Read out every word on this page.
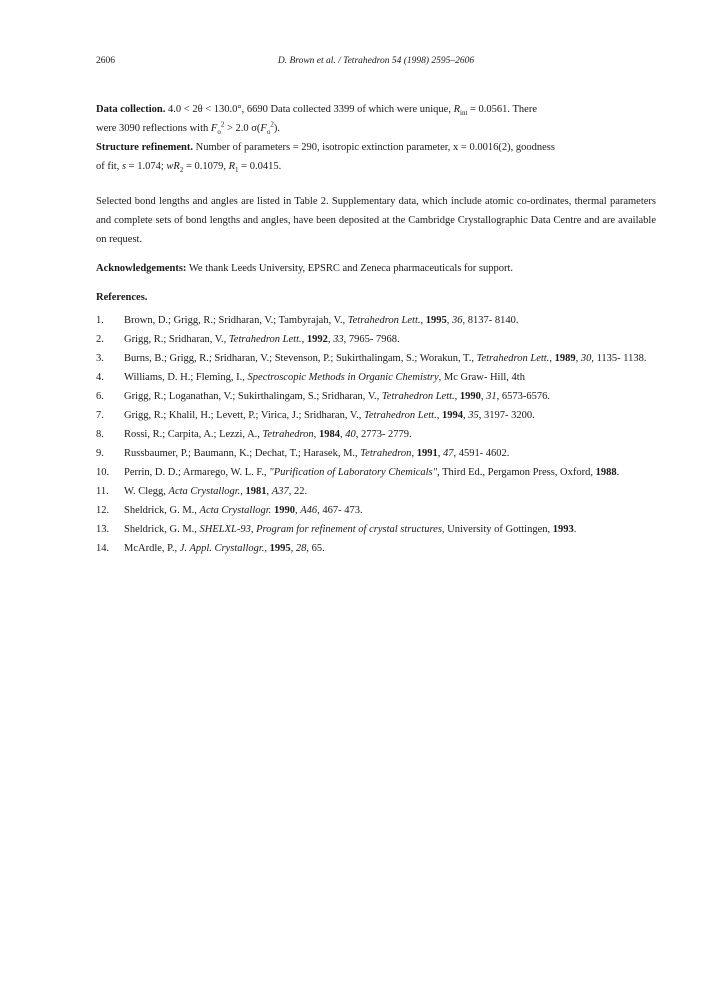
2606	D. Brown et al. / Tetrahedron 54 (1998) 2595–2606

Data collection. 4.0 < 2θ < 130.0°, 6690 Data collected 3399 of which were unique, $R_{int} = 0.0561$. There
were 3090 reflections with $F_o^2 > 2.0$ $\sigma(F_o^2)$.

Structure refinement. Number of parameters = 290, isotropic extinction parameter, x = 0.0016(2), goodness
of fit, s = 1.074; $wR_2 = 0.1079$, $R_1 = 0.0415$.

Selected bond lengths and angles are listed in Table 2. Supplementary data, which include atomic co-ordinates, thermal parameters and complete sets of bond lengths and angles, have been deposited at the Cambridge Crystallographic Data Centre and are available on request.

Acknowledgements: We thank Leeds University, EPSRC and Zeneca pharmaceuticals for support.

References.

1.	Brown, D.; Grigg, R.; Sridharan, V.; Tambyrajah, V., Tetrahedron Lett., 1995, 36, 8137- 8140.
2.	Grigg, R.; Sridharan, V., Tetrahedron Lett., 1992, 33, 7965- 7968.
3.	Burns, B.; Grigg, R.; Sridharan, V.; Stevenson, P.; Sukirthalingam, S.; Worakun, T., Tetrahedron Lett., 1989, 30, 1135- 1138.
4.	Williams, D. H.; Fleming, I., Spectroscopic Methods in Organic Chemistry, Mc Graw- Hill, 4th
6.	Grigg, R.; Loganathan, V.; Sukirthalingam, S.; Sridharan, V., Tetrahedron Lett., 1990, 31, 6573-6576.
7.	Grigg, R.; Khalil, H.; Levett, P.; Virica, J.; Sridharan, V., Tetrahedron Lett., 1994, 35, 3197- 3200.
8.	Rossi, R.; Carpita, A.; Lezzi, A., Tetrahedron, 1984, 40, 2773- 2779.
9.	Russbaumer, P.; Baumann, K.; Dechat, T.; Harasek, M., Tetrahedron, 1991, 47, 4591- 4602.
10.	Perrin, D. D.; Armarego, W. L. F., "Purification of Laboratory Chemicals", Third Ed., Pergamon Press, Oxford, 1988.
11.	W. Clegg, Acta Crystallogr., 1981, A37, 22.
12.	Sheldrick, G. M., Acta Crystallogr. 1990, A46, 467- 473.
13.	Sheldrick, G. M., SHELXL-93, Program for refinement of crystal structures, University of Gottingen, 1993.
14.	McArdle, P., J. Appl. Crystallogr., 1995, 28, 65.
